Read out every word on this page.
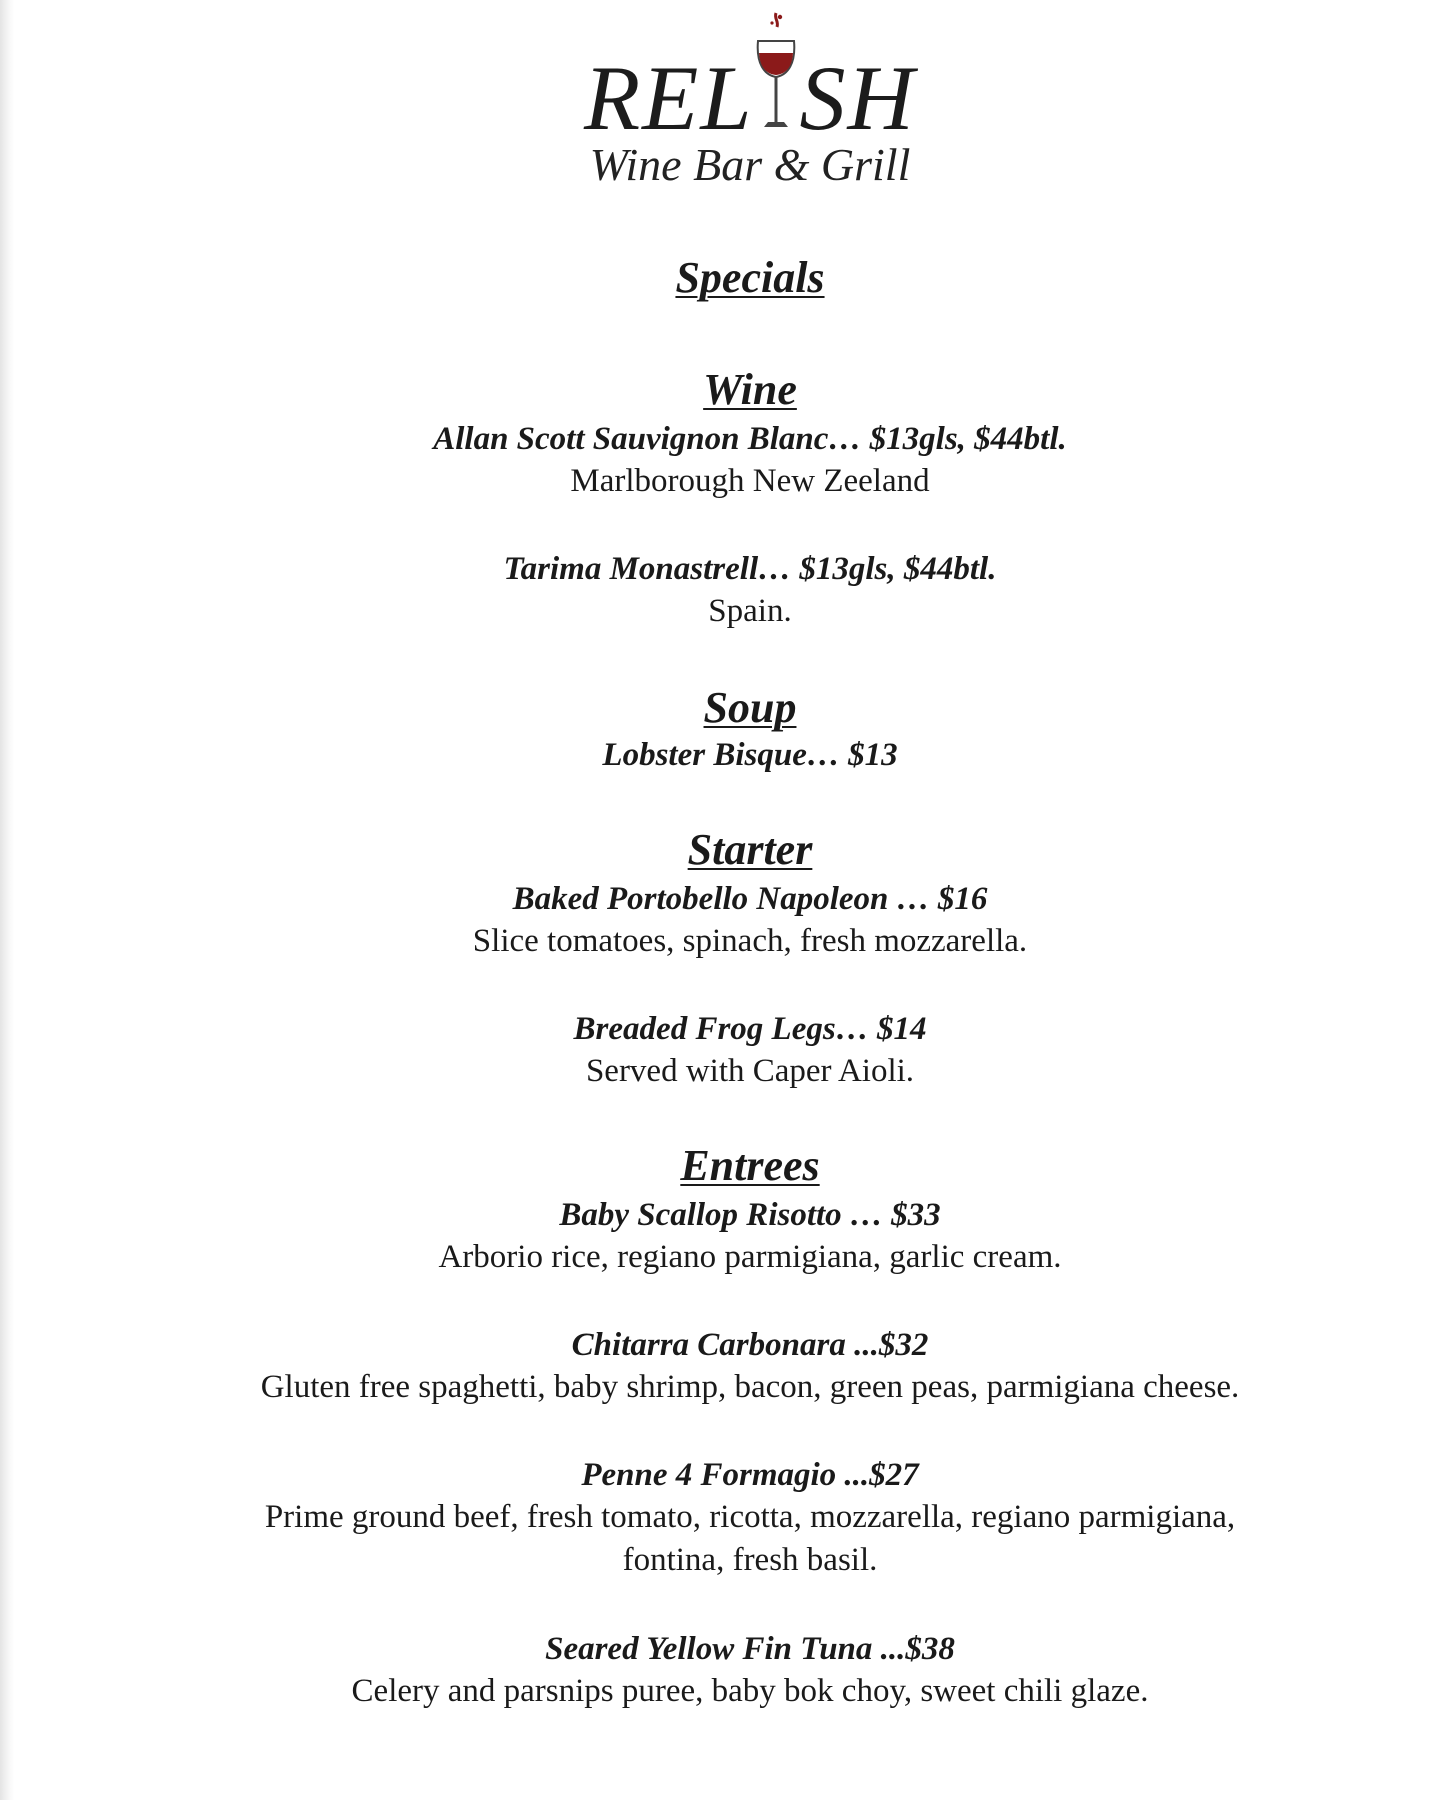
REL SH
Wine Bar & Grill
Specials

Wine

Allan Scott Sauvignon Blanc… $13gls, $44btl.

Marlborough New Zeeland

Tarima Monastrell… $13gls, $44btl.

Spain.

Soup

Lobster Bisque… $13

Starter

Baked Portobello Napoleon … $16

Slice tomatoes, spinach, fresh mozzarella.

Breaded Frog Legs… $14

Served with Caper Aioli.

Entrees

Baby Scallop Risotto … $33

Arborio rice, regiano parmigiana, garlic cream.

Chitarra Carbonara ...$32

Gluten free spaghetti, baby shrimp, bacon, green peas, parmigiana cheese.

Penne 4 Formagio ...$27

Prime ground beef, fresh tomato, ricotta, mozzarella, regiano parmigiana,

fontina, fresh basil.

Seared Yellow Fin Tuna ...$38

Celery and parsnips puree, baby bok choy, sweet chili glaze.
